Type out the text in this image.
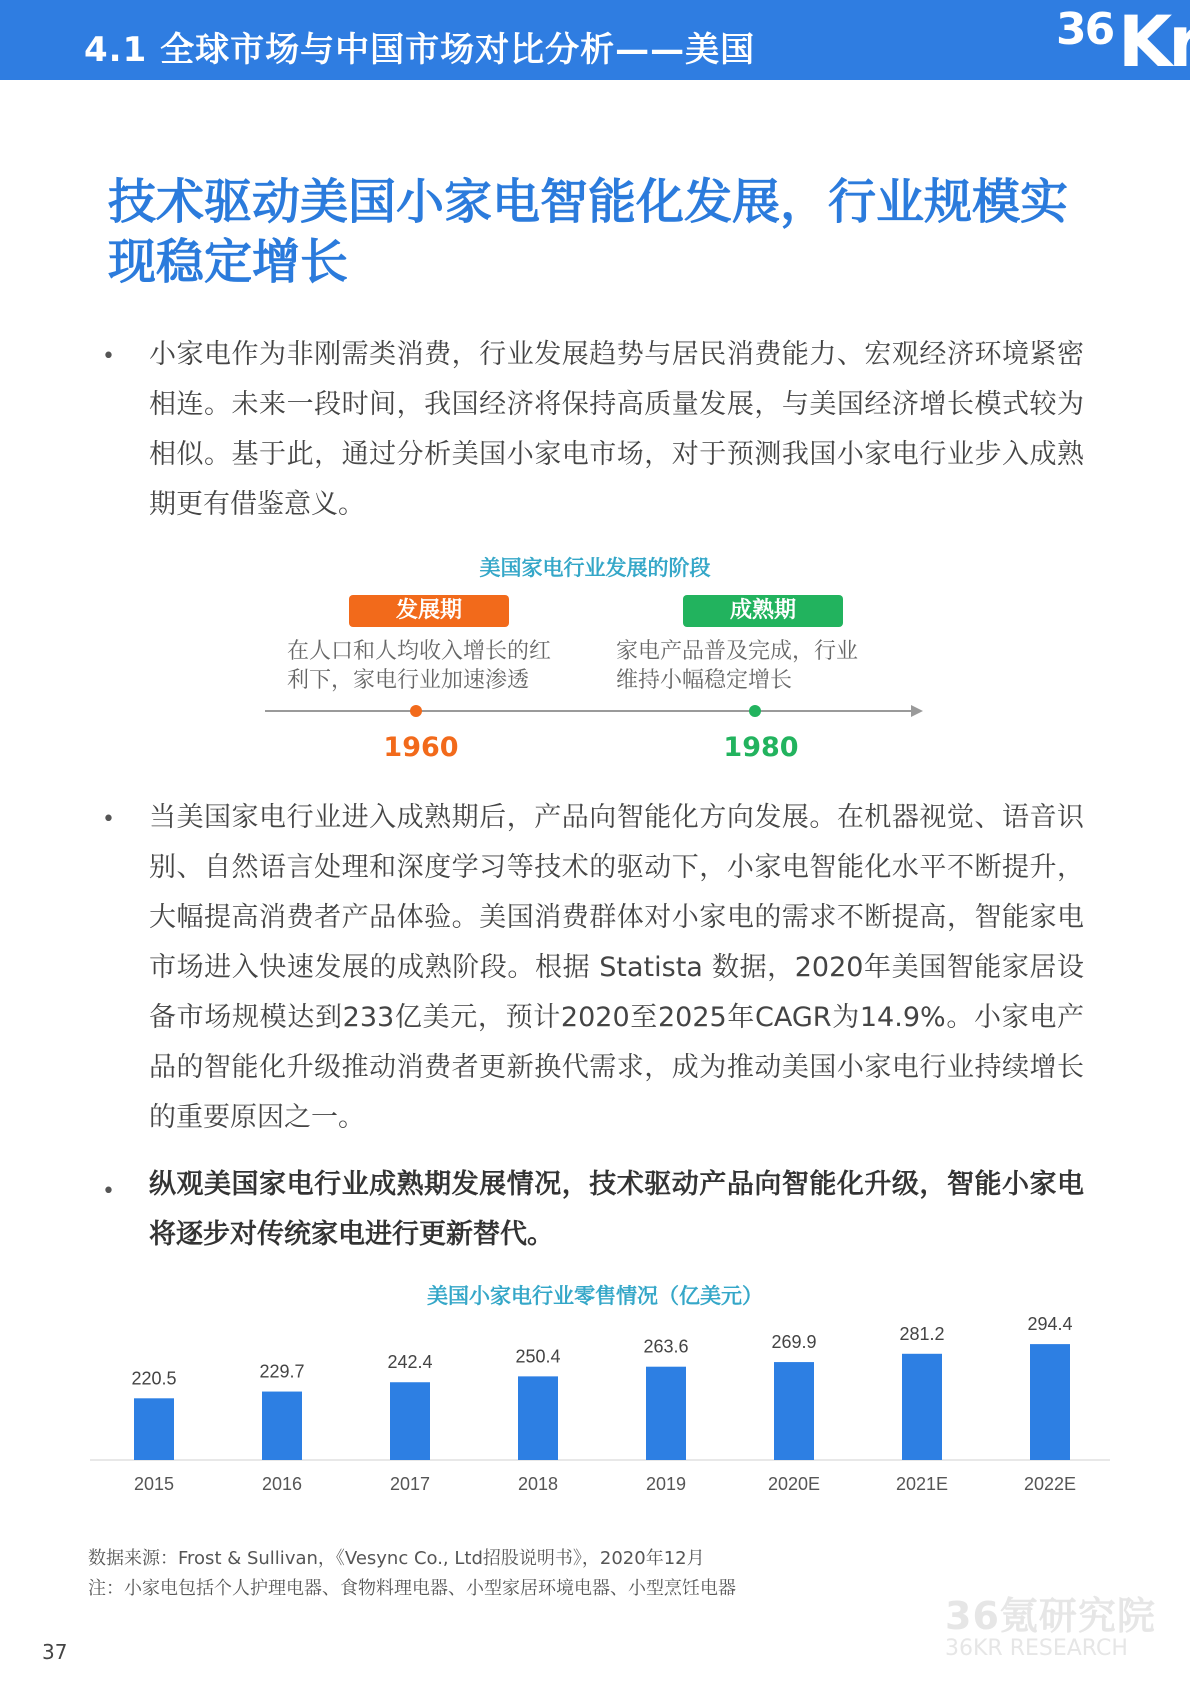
4.1 全球市场与中国市场对比分析——美国	36 Kr
技术驱动美国小家电智能化发展，行业规模实现稳定增长
• 小家电作为非刚需类消费，行业发展趋势与居民消费能力、宏观经济环境紧密相连。未来一段时间，我国经济将保持高质量发展，与美国经济增长模式较为相似。基于此，通过分析美国小家电市场，对于预测我国小家电行业步入成熟期更有借鉴意义。
美国家电行业发展的阶段
发展期
在人口和人均收入增长的红
利下，家电行业加速渗透
成熟期
家电产品普及完成，行业
维持小幅稳定增长
1960	1980
• 当美国家电行业进入成熟期后，产品向智能化方向发展。在机器视觉、语音识别、自然语言处理和深度学习等技术的驱动下，小家电智能化水平不断提升，大幅提高消费者产品体验。美国消费群体对小家电的需求不断提高，智能家电市场进入快速发展的成熟阶段。根据 Statista 数据，2020年美国智能家居设备市场规模达到233亿美元，预计2020至2025年CAGR为14.9%。小家电产品的智能化升级推动消费者更新换代需求，成为推动美国小家电行业持续增长的重要原因之一。
• 纵观美国家电行业成熟期发展情况，技术驱动产品向智能化升级，智能小家电将逐步对传统家电进行更新替代。
美国小家电行业零售情况（亿美元）
220.5
2015
229.7
2016
242.4
2017
250.4
2018
263.6
2019
269.9
2020E
281.2
2021E
294.4
2022E
数据来源：Frost & Sullivan，《Vesync Co., Ltd招股说明书》，2020年12月
注：小家电包括个人护理电器、食物料理电器、小型家居环境电器、小型烹饪电器
36氪研究院
36KR RESEARCH
37
